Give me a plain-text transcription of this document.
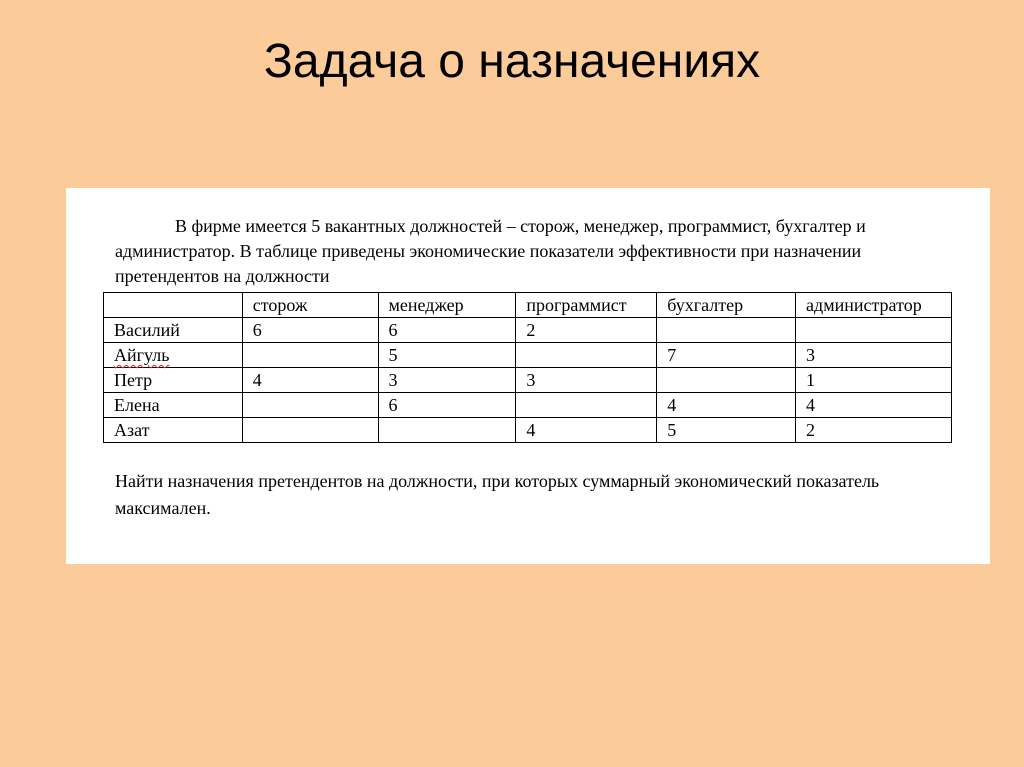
Задача о назначениях
В фирме имеется 5 вакантных должностей – сторож, менеджер, программист, бухгалтер и администратор. В таблице приведены экономические показатели эффективности при назначении претендентов на должности
	сторож	менеджер	программист	бухгалтер	администратор
Василий	6	6	2		
Айгуль		5		7	3
Петр	4	3	3		1
Елена		6		4	4
Азат			4	5	2
Найти назначения претендентов на должности, при которых суммарный экономический показатель максимален.
